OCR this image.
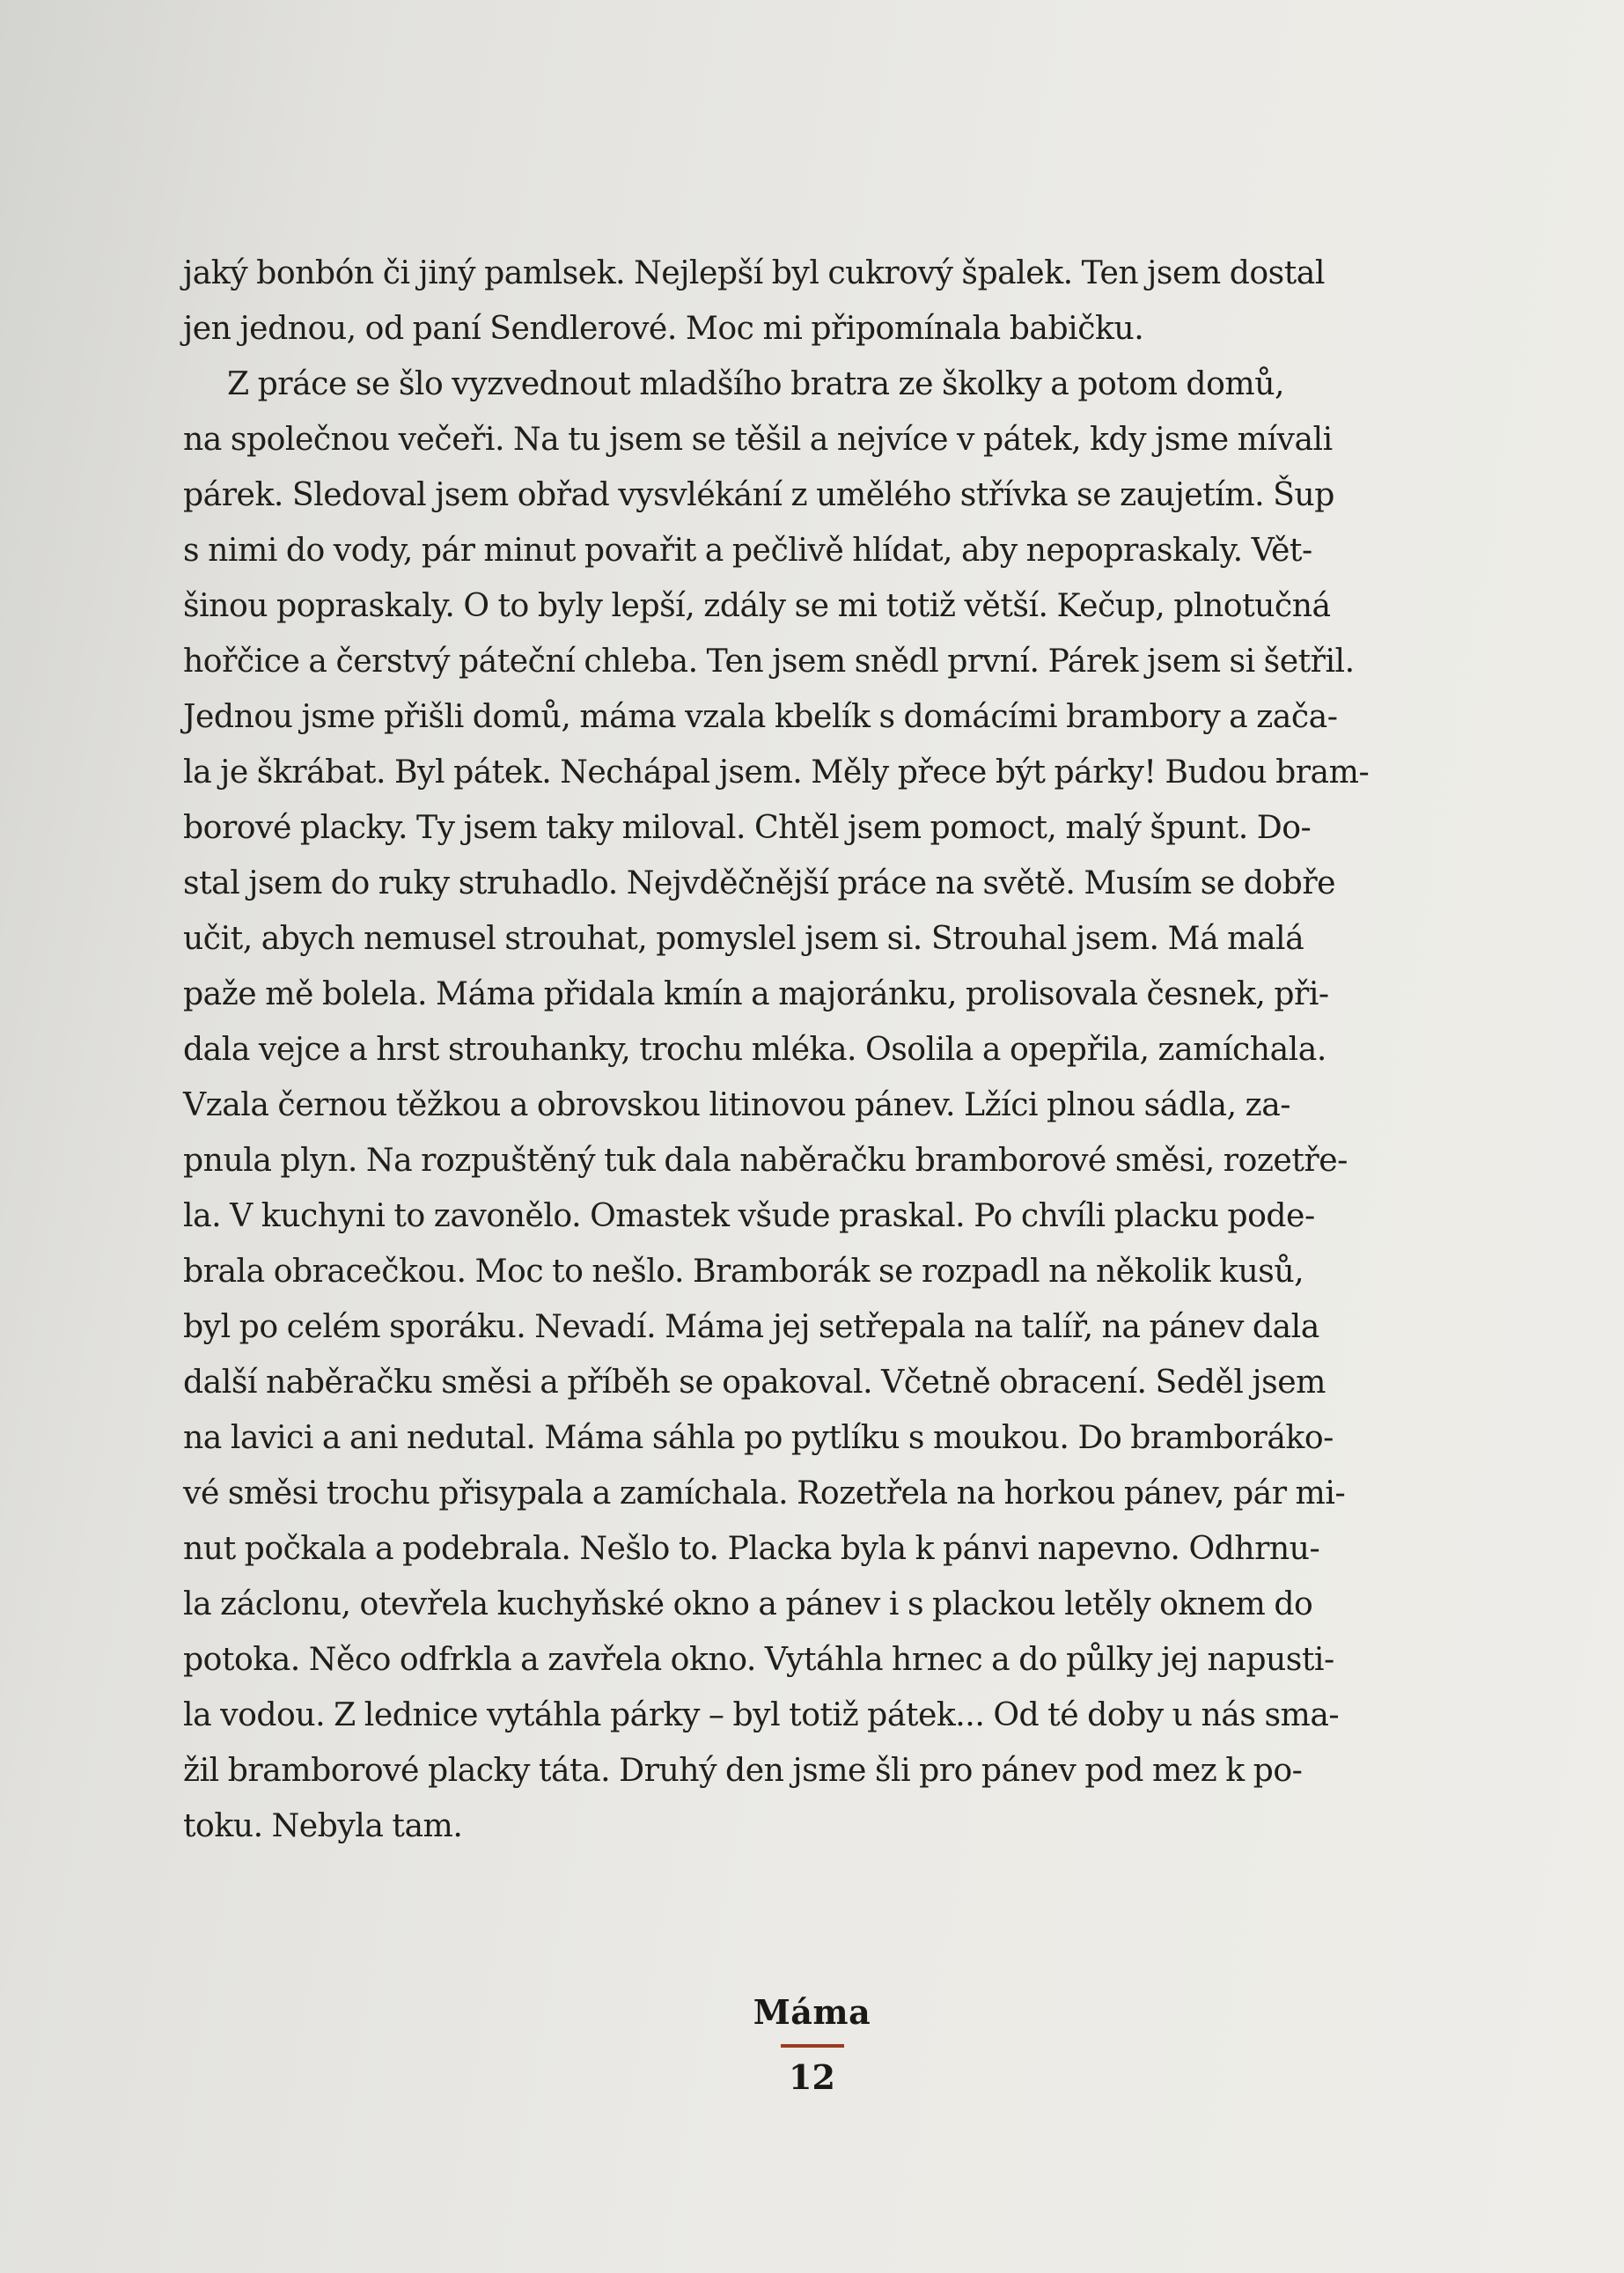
jaký bonbón či jiný pamlsek. Nejlepší byl cukrový špalek. Ten jsem dostal
jen jednou, od paní Sendlerové. Moc mi připomínala babičku.
Z práce se šlo vyzvednout mladšího bratra ze školky a potom domů,
na společnou večeři. Na tu jsem se těšil a nejvíce v pátek, kdy jsme mívali
párek. Sledoval jsem obřad vysvlékání z umělého střívka se zaujetím. Šup
s nimi do vody, pár minut povařit a pečlivě hlídat, aby nepopraskaly. Vět-
šinou popraskaly. O to byly lepší, zdály se mi totiž větší. Kečup, plnotučná
hořčice a čerstvý páteční chleba. Ten jsem snědl první. Párek jsem si šetřil.
Jednou jsme přišli domů, máma vzala kbelík s domácími brambory a zača-
la je škrábat. Byl pátek. Nechápal jsem. Měly přece být párky! Budou bram-
borové placky. Ty jsem taky miloval. Chtěl jsem pomoct, malý špunt. Do-
stal jsem do ruky struhadlo. Nejvděčnější práce na světě. Musím se dobře
učit, abych nemusel strouhat, pomyslel jsem si. Strouhal jsem. Má malá
paže mě bolela. Máma přidala kmín a majoránku, prolisovala česnek, při-
dala vejce a hrst strouhanky, trochu mléka. Osolila a opepřila, zamíchala.
Vzala černou těžkou a obrovskou litinovou pánev. Lžíci plnou sádla, za-
pnula plyn. Na rozpuštěný tuk dala naběračku bramborové směsi, rozetře-
la. V kuchyni to zavonělo. Omastek všude praskal. Po chvíli placku pode-
brala obracečkou. Moc to nešlo. Bramborák se rozpadl na několik kusů,
byl po celém sporáku. Nevadí. Máma jej setřepala na talíř, na pánev dala
další naběračku směsi a příběh se opakoval. Včetně obracení. Seděl jsem
na lavici a ani nedutal. Máma sáhla po pytlíku s moukou. Do bramboráko-
vé směsi trochu přisypala a zamíchala. Rozetřela na horkou pánev, pár mi-
nut počkala a podebrala. Nešlo to. Placka byla k pánvi napevno. Odhrnu-
la záclonu, otevřela kuchyňské okno a pánev i s plackou letěly oknem do
potoka. Něco odfrkla a zavřela okno. Vytáhla hrnec a do půlky jej napusti-
la vodou. Z lednice vytáhla párky – byl totiž pátek... Od té doby u nás sma-
žil bramborové placky táta. Druhý den jsme šli pro pánev pod mez k po-
toku. Nebyla tam.
Máma
12
